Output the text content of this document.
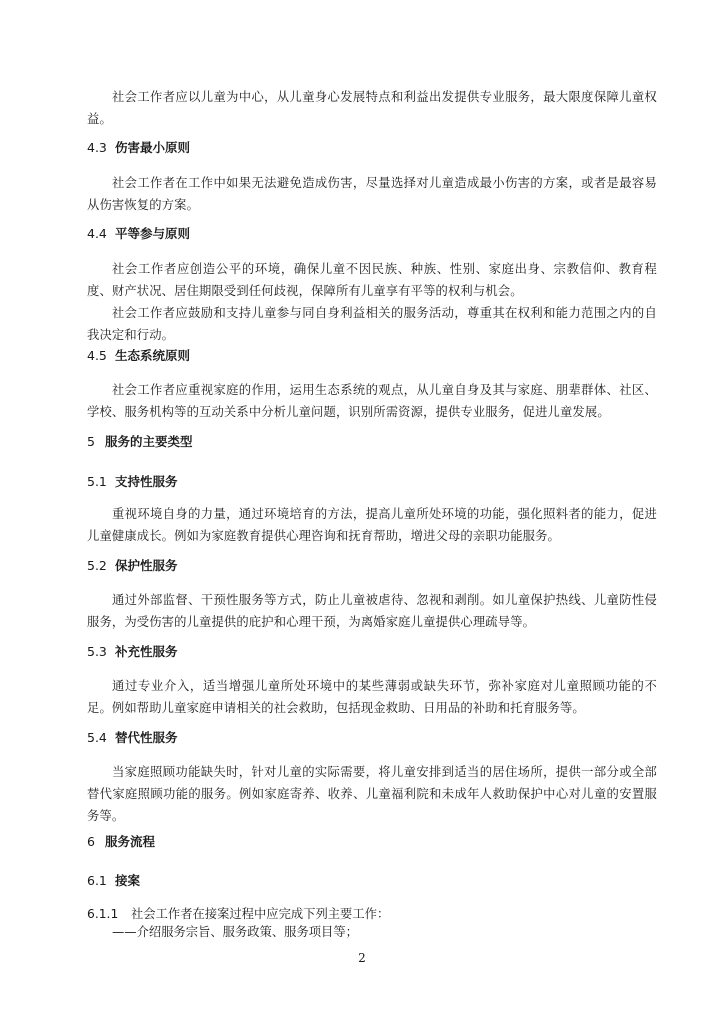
社会工作者应以儿童为中心，从儿童身心发展特点和利益出发提供专业服务，最大限度保障儿童权益。

4.3 伤害最小原则

社会工作者在工作中如果无法避免造成伤害，尽量选择对儿童造成最小伤害的方案，或者是最容易从伤害恢复的方案。

4.4 平等参与原则

社会工作者应创造公平的环境，确保儿童不因民族、种族、性别、家庭出身、宗教信仰、教育程度、财产状况、居住期限受到任何歧视，保障所有儿童享有平等的权利与机会。

社会工作者应鼓励和支持儿童参与同自身利益相关的服务活动，尊重其在权利和能力范围之内的自我决定和行动。

4.5 生态系统原则

社会工作者应重视家庭的作用，运用生态系统的观点，从儿童自身及其与家庭、朋辈群体、社区、学校、服务机构等的互动关系中分析儿童问题，识别所需资源，提供专业服务，促进儿童发展。

5 服务的主要类型
5.1 支持性服务

重视环境自身的力量，通过环境培育的方法，提高儿童所处环境的功能，强化照料者的能力，促进儿童健康成长。例如为家庭教育提供心理咨询和抚育帮助，增进父母的亲职功能服务。

5.2 保护性服务

通过外部监督、干预性服务等方式，防止儿童被虐待、忽视和剥削。如儿童保护热线、儿童防性侵服务，为受伤害的儿童提供的庇护和心理干预，为离婚家庭儿童提供心理疏导等。

5.3 补充性服务

通过专业介入，适当增强儿童所处环境中的某些薄弱或缺失环节，弥补家庭对儿童照顾功能的不足。例如帮助儿童家庭申请相关的社会救助，包括现金救助、日用品的补助和托育服务等。

5.4 替代性服务

当家庭照顾功能缺失时，针对儿童的实际需要，将儿童安排到适当的居住场所，提供一部分或全部替代家庭照顾功能的服务。例如家庭寄养、收养、儿童福利院和未成年人救助保护中心对儿童的安置服务等。

6 服务流程
6.1 接案
6.1.1 社会工作者在接案过程中应完成下列主要工作：
——介绍服务宗旨、服务政策、服务项目等；
2
